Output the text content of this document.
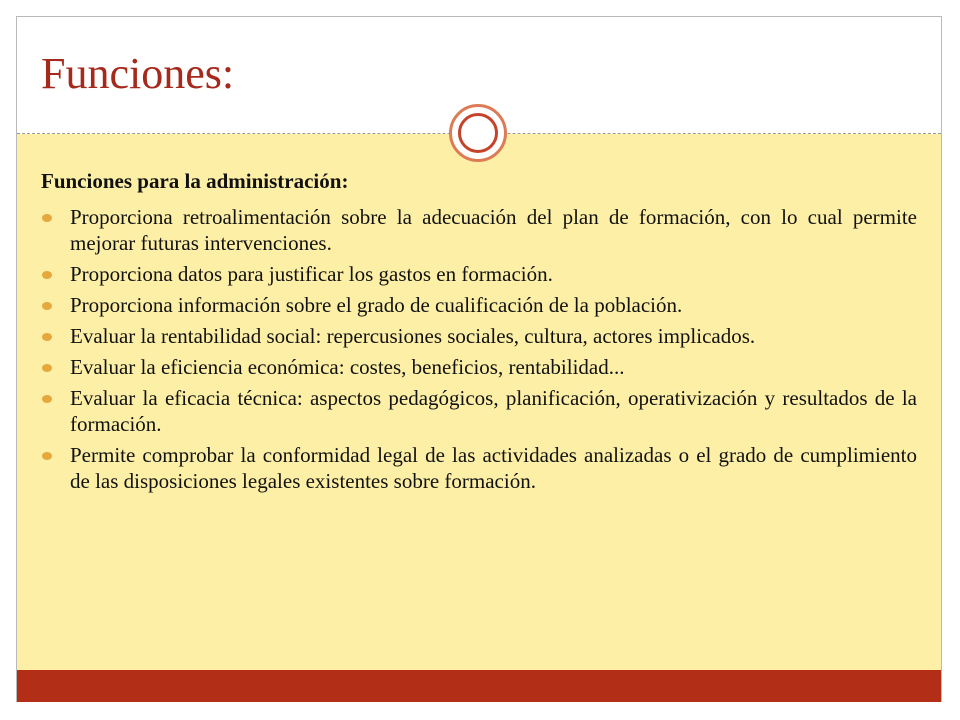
Funciones:

Funciones para la administración:

Proporciona retroalimentación sobre la adecuación del plan de formación, con lo cual permite mejorar futuras intervenciones.
Proporciona datos para justificar los gastos en formación.
Proporciona información sobre el grado de cualificación de la población.
Evaluar la rentabilidad social: repercusiones sociales, cultura, actores implicados.
Evaluar la eficiencia económica: costes, beneficios, rentabilidad...
Evaluar la eficacia técnica: aspectos pedagógicos, planificación, operativización y resultados de la formación.
Permite comprobar la conformidad legal de las actividades analizadas o el grado de cumplimiento de las disposiciones legales existentes sobre formación.
